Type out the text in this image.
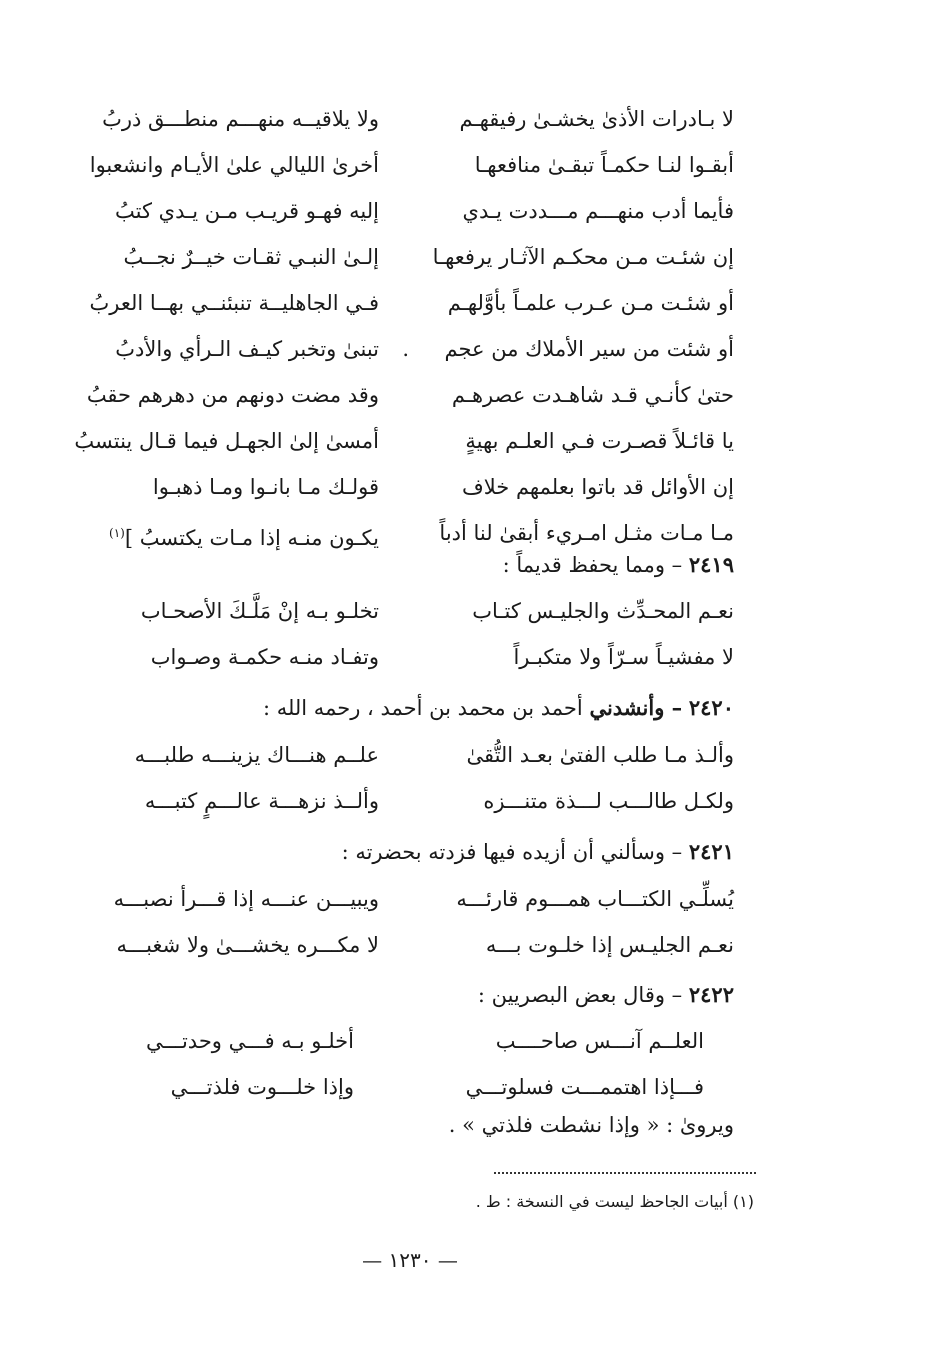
لا بـادرات الأذىٰ يخشـىٰ رفيقهـم
ولا يلاقيــه منهـــم منطـــق ذربُ
أبقـوا لنـا حكمـاً تبقـىٰ منافعهـا
أخرىٰ الليالي علىٰ الأيـام وانشعبوا
فأيما أدب منهـــم مـــددت يـدي
إليه فهـو قريـب مـن يـدي كتبُ
إن شئـت مـن محكـم الآثـار يرفعهـا
إلـىٰ النبـي ثقـات خيــرٌ نجــبُ
أو شئـت مـن عـرب علمـاً بأوَّلهـم
فـي الجاهليــة تنبئنــي بهــا العربُ
أو شئت من سير الأملاك من عجم
.
تبنىٰ وتخبر كيـف الـرأي والأدبُ
حتىٰ كأنـي قـد شاهـدت عصرهـم
وقد مضت دونهم من دهرهم حقبُ
يا قائـلاً قصـرت فـي العلـم بهيةٍ
أمسىٰ إلىٰ الجهـل فيما قـال ينتسبُ
إن الأوائل قد باتوا بعلمهم خلاف
قولـك مـا بانـوا ومـا ذهبـوا
مـا مـات مثـل امـريء أبقىٰ لنا أدباً
يكـون منـه إذا مـات يكتسبُ ]$^{(١)}$
٢٤١٩ – ومما يحفظ قديماً :
نعـم المحـدِّث والجليـس كتـاب
تخلـو بـه إنْ مَلَّـكَ الأصحـاب
لا مفشيـاً سـرّاً ولا متكبـراً
وتفـاد منـه حكمـة وصـواب
٢٤٢٠ – وأنشدني أحمد بن محمد بن أحمد ، رحمه الله :
وألـذ مـا طلب الفتىٰ بعـد التُّقىٰ
علــم هنـــاك يزينـــه طلبـــه
ولكـل طالـــب لـــذة متنـــزه
وألــذ نزهـــة عالـــمٍ كتبـــه
٢٤٢١ – وسألني أن أزيده فيها فزدته بحضرته :
يُسلِّـي الكتـــاب همـــوم قارئـــه
ويبيـــن عنـــه إذا قـــرأ نصبـــه
نعـم الجليـس إذا خلـوت بـــه
لا مكـــره يخشـــىٰ ولا شغبـــه
٢٤٢٢ – وقال بعض البصريين :
العلــم آنـــس صاحــــب
أخلـو بـه فـــي وحدتـــي
فـــإذا اهتممـــت فسلوتـــي
وإذا خلـــوت فلذتـــي
ويروىٰ : « وإذا نشطت فلذتي » .
(١) أبيات الجاحظ ليست في النسخة : ط .
— ١٢٣٠ —
